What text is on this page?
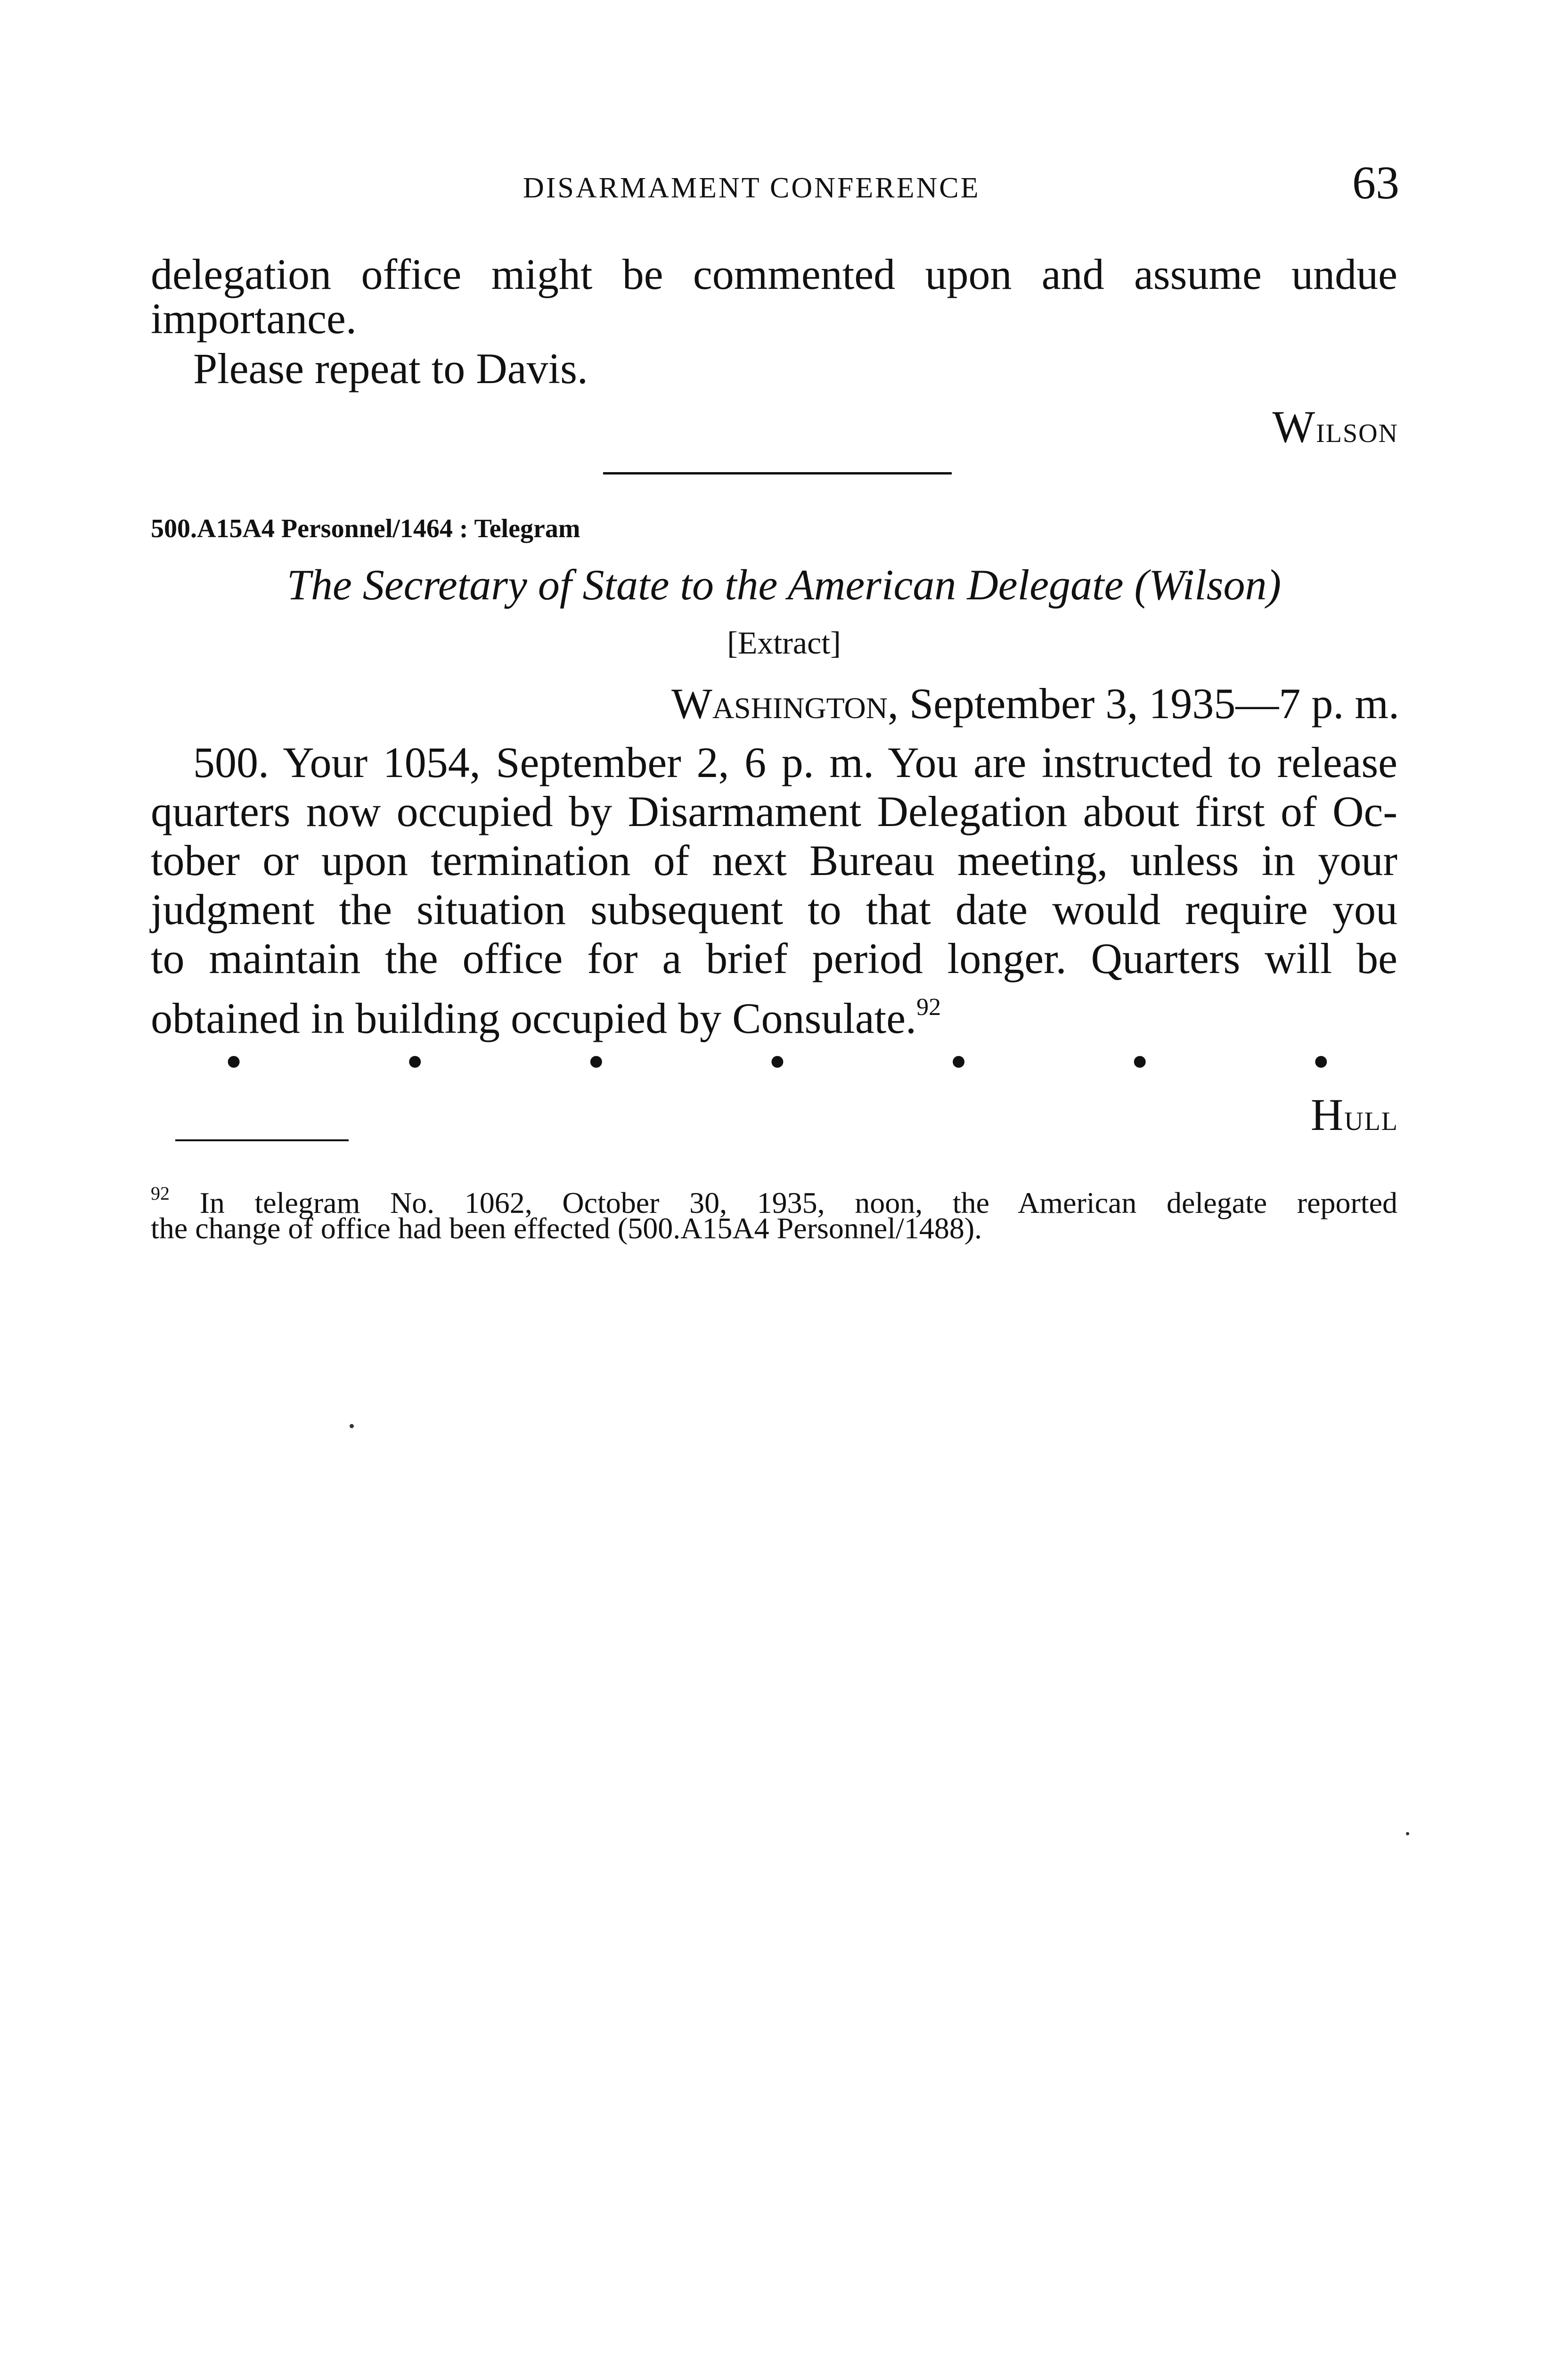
DISARMAMENT CONFERENCE	63
delegation office might be commented upon and assume undue
importance.
Please repeat to Davis.
Wilson
500.A15A4 Personnel/1464 : Telegram
The Secretary of State to the American Delegate (Wilson)
[Extract]
Washington, September 3, 1935—7 p. m.
500. Your 1054, September 2, 6 p. m. You are instructed to release
quarters now occupied by Disarmament Delegation about first of Oc-
tober or upon termination of next Bureau meeting, unless in your
judgment the situation subsequent to that date would require you
to maintain the office for a brief period longer. Quarters will be
obtained in building occupied by Consulate.$^{92}$
•	•	•	•	•	•	•
Hull
$^{92}$ In telegram No. 1062, October 30, 1935, noon, the American delegate reported
the change of office had been effected (500.A15A4 Personnel/1488).
